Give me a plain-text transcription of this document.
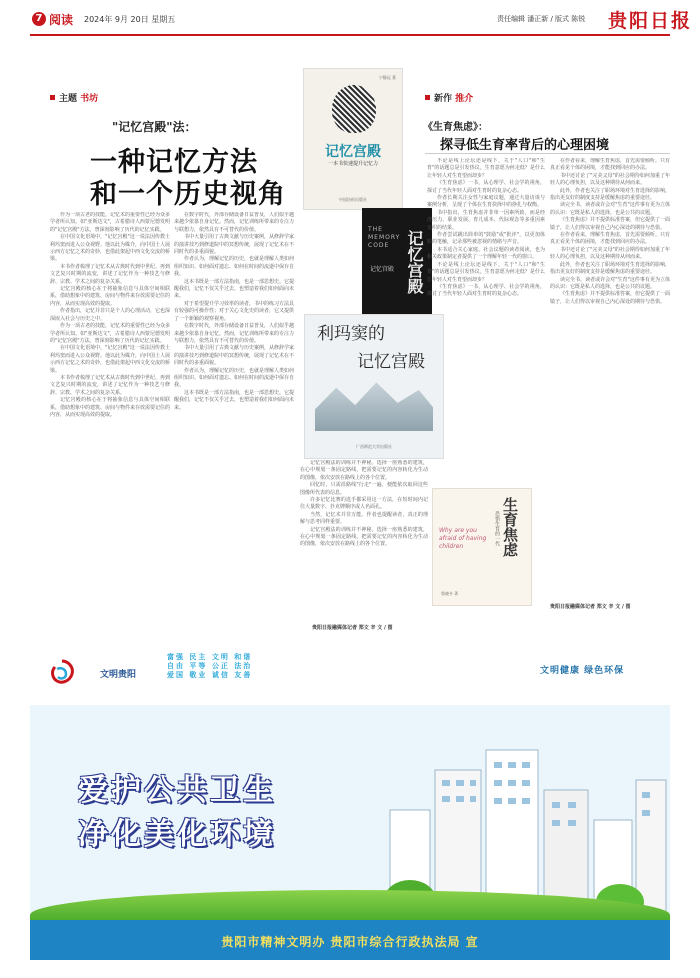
7 阅读 2024年 9月 20日 星期五	责任编辑 潘正新 / 版式 陈锐 贵阳日报
主题 书坊
"记忆宫殿"法：
一种记忆方法
和一个历史视角

作为一项古老的技能，记忆术的重要性已经为众多学者所认知。如"亚斯达文"，古希腊诗人西蒙尼德发明的"记忆宫殿"方法，曾深刻影响了历代的记忆实践。

在中国文化语境中，"记忆宫殿"这一说法因传教士利玛窦而进入公众视野。他以此为媒介，向中国士人展示西方记忆之术的奇妙，也借此架起中西文化交流的桥梁。

本书作者梳理了记忆术从古典时代到中世纪、再到文艺复兴时期的流变，讲述了记忆作为一种技艺与修辞、宗教、学术之间的复杂关系。

记忆宫殿的核心在于将抽象信息与具体空间相联系，借助想象中的建筑、房间与物件来存放需要记住的内容，从而实现高效的提取。

作者指出，记忆并非只是个人的心理活动，它也深深嵌入社会与历史之中。

作为一项古老的技能，记忆术的重要性已经为众多学者所认知。如"亚斯达文"，古希腊诗人西蒙尼德发明的"记忆宫殿"方法，曾深刻影响了历代的记忆实践。

在中国文化语境中，"记忆宫殿"这一说法因传教士利玛窦而进入公众视野。他以此为媒介，向中国士人展示西方记忆之术的奇妙，也借此架起中西文化交流的桥梁。

本书作者梳理了记忆术从古典时代到中世纪、再到文艺复兴时期的流变，讲述了记忆作为一种技艺与修辞、宗教、学术之间的复杂关系。

记忆宫殿的核心在于将抽象信息与具体空间相联系，借助想象中的建筑、房间与物件来存放需要记住的内容，从而实现高效的提取。

在数字时代，外部存储设备日益普及，人们似乎越来越少依靠自身记忆。然而，记忆训练所带来的专注力与联想力，依然具有不可替代的价值。

书中大量引用了古典文献与历史案例，从修辞学家的演讲技巧到修道院中的冥想传统，展现了记忆术在不同时代的多重面貌。

作者认为，理解记忆的历史，也就是理解人类如何组织知识、如何面对遗忘、如何在时间的流逝中保存自我。

这本书既是一部方法指南，也是一部思想史。它提醒我们，记忆不仅关乎过去，也塑造着我们如何面向未来。

对于希望提升学习效率的读者，书中的练习方法具有较强的可操作性；对于关心文化史的读者，它又提供了一个新颖的观察视角。

在数字时代，外部存储设备日益普及，人们似乎越来越少依靠自身记忆。然而，记忆训练所带来的专注力与联想力，依然具有不可替代的价值。

书中大量引用了古典文献与历史案例，从修辞学家的演讲技巧到修道院中的冥想传统，展现了记忆术在不同时代的多重面貌。

作者认为，理解记忆的历史，也就是理解人类如何组织知识、如何面对遗忘、如何在时间的流逝中保存自我。

这本书既是一部方法指南，也是一部思想史。它提醒我们，记忆不仅关乎过去，也塑造着我们如何面向未来。

记忆宫殿法的训练并不神秘。选择一座熟悉的建筑，在心中规划一条固定路线，把需要记忆的内容转化为生动的图像，依次安放在路线上的各个位置。

回忆时，只需沿路线"行走"一遍，便能依次取回这些图像所代表的信息。

许多记忆比赛的选手都采用这一方法，在短时间内记住大量数字、扑克牌顺序或人名面孔。

当然，记忆术并非万能。作者也提醒读者，真正的理解与思考同样重要。

记忆宫殿法的训练并不神秘。选择一座熟悉的建筑，在心中规划一条固定路线，把需要记忆的内容转化为生动的图像，依次安放在路线上的各个位置。

贵阳日报融媒体记者 郑文 辛 文 / 图
宁静远 著
记忆宫殿
一本书快速提升记忆力
中国纺织出版社
THE MEMORY CODE
记忆宫殿 记忆宫殿
利玛窦的
记忆宫殿
广西师范大学出版社
Why are you afraid of having children
恐惧生育的一代 生育焦虑
鲁晓卉 著
新作 推介
《生育焦虑》：
探寻低生育率背后的心理困境

不论是线上论坛还是线下，关于"人口"和"生育"的话题总是引发热议。生育意愿为何走低？是什么让年轻人对生育望而却步？

《生育焦虑》一书，从心理学、社会学的视角，探讨了当代年轻人面对生育时的复杂心态。

作者长期关注女性与家庭议题，通过大量访谈与案例分析，呈现了个体在生育抉择中的挣扎与权衡。

书中指出，生育焦虑并非单一因素所致，而是经济压力、职业发展、育儿成本、代际观念等多重因素交织的结果。

作者尝试跳出简单的"鼓励"或"批评"，以更加体贴的笔触，记录那些被忽视的情绪与声音。

本书适合关心家庭、社会议题的读者阅读，也为相关政策制定者提供了一个理解年轻一代的窗口。

不论是线上论坛还是线下，关于"人口"和"生育"的话题总是引发热议。生育意愿为何走低？是什么让年轻人对生育望而却步？

《生育焦虑》一书，从心理学、社会学的视角，探讨了当代年轻人面对生育时的复杂心态。

在作者看来，理解生育焦虑，首先需要倾听。只有真正看见个体的困境，才能找到回应的办法。

书中还讨论了"完美父母"的社会期待如何加重了年轻人的心理负担，以及这种期待从何而来。

此外，作者也关注了职场环境对生育选择的影响，指出更友好的制度支持是缓解焦虑的重要途径。

读完全书，读者或许会对"生育"这件事有更为立体的认识：它既是私人的选择，也是公共的议题。

《生育焦虑》并不提供标准答案，但它提供了一面镜子，让人们得以审视自己内心深处的期待与恐惧。

在作者看来，理解生育焦虑，首先需要倾听。只有真正看见个体的困境，才能找到回应的办法。

书中还讨论了"完美父母"的社会期待如何加重了年轻人的心理负担，以及这种期待从何而来。

此外，作者也关注了职场环境对生育选择的影响，指出更友好的制度支持是缓解焦虑的重要途径。

读完全书，读者或许会对"生育"这件事有更为立体的认识：它既是私人的选择，也是公共的议题。

《生育焦虑》并不提供标准答案，但它提供了一面镜子，让人们得以审视自己内心深处的期待与恐惧。

贵阳日报融媒体记者 郑文 辛 文 / 图
文明贵阳
富强 民主 文明 和谐
自由 平等 公正 法治
爱国 敬业 诚信 友善	文明健康 绿色环保
爱护公共卫生
净化美化环境
贵阳市精神文明办 贵阳市综合行政执法局 宣
